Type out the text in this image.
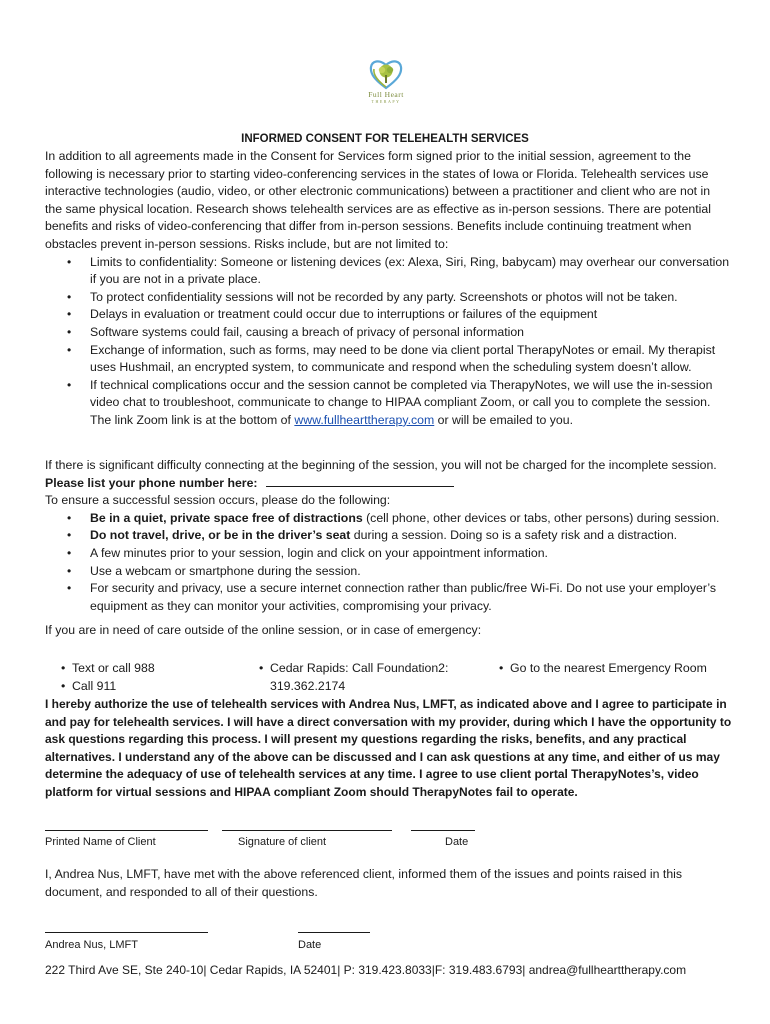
Full Heart
THERAPY
INFORMED CONSENT FOR TELEHEALTH SERVICES

In addition to all agreements made in the Consent for Services form signed prior to the initial session, agreement to the following is necessary prior to starting video-conferencing services in the states of Iowa or Florida. Telehealth services use interactive technologies (audio, video, or other electronic communications) between a practitioner and client who are not in the same physical location. Research shows telehealth services are as effective as in-person sessions. There are potential benefits and risks of video-conferencing that differ from in-person sessions. Benefits include continuing treatment when obstacles prevent in-person sessions. Risks include, but are not limited to:

• Limits to confidentiality: Someone or listening devices (ex: Alexa, Siri, Ring, babycam) may overhear our conversation if you are not in a private place.
• To protect confidentiality sessions will not be recorded by any party. Screenshots or photos will not be taken.
• Delays in evaluation or treatment could occur due to interruptions or failures of the equipment
• Software systems could fail, causing a breach of privacy of personal information
• Exchange of information, such as forms, may need to be done via client portal TherapyNotes or email. My therapist uses Hushmail, an encrypted system, to communicate and respond when the scheduling system doesn’t allow.
• If technical complications occur and the session cannot be completed via TherapyNotes, we will use the in-session video chat to troubleshoot, communicate to change to HIPAA compliant Zoom, or call you to complete the session. The link Zoom link is at the bottom of www.fullhearttherapy.com or will be emailed to you.

If there is significant difficulty connecting at the beginning of the session, you will not be charged for the incomplete session.

Please list your phone number here:

To ensure a successful session occurs, please do the following:

• Be in a quiet, private space free of distractions (cell phone, other devices or tabs, other persons) during session.
• Do not travel, drive, or be in the driver’s seat during a session. Doing so is a safety risk and a distraction.
• A few minutes prior to your session, login and click on your appointment information.
• Use a webcam or smartphone during the session.
• For security and privacy, use a secure internet connection rather than public/free Wi-Fi. Do not use your employer’s equipment as they can monitor your activities, compromising your privacy.

If you are in need of care outside of the online session, or in case of emergency:

• Text or call 988
• Call 911
• Cedar Rapids: Call Foundation2: 319.362.2174
• Go to the nearest Emergency Room
I hereby authorize the use of telehealth services with Andrea Nus, LMFT, as indicated above and I agree to participate in and pay for telehealth services. I will have a direct conversation with my provider, during which I have the opportunity to ask questions regarding this process. I will present my questions regarding the risks, benefits, and any practical alternatives. I understand any of the above can be discussed and I can ask questions at any time, and either of us may determine the adequacy of use of telehealth services at any time. I agree to use client portal TherapyNotes’s, video platform for virtual sessions and HIPAA compliant Zoom should TherapyNotes fail to operate.
Printed Name of Client	Signature of client	Date
I, Andrea Nus, LMFT, have met with the above referenced client, informed them of the issues and points raised in this document, and responded to all of their questions.
Andrea Nus, LMFT	Date
222 Third Ave SE, Ste 240-10| Cedar Rapids, IA 52401| P: 319.423.8033|F: 319.483.6793| andrea@fullhearttherapy.com
